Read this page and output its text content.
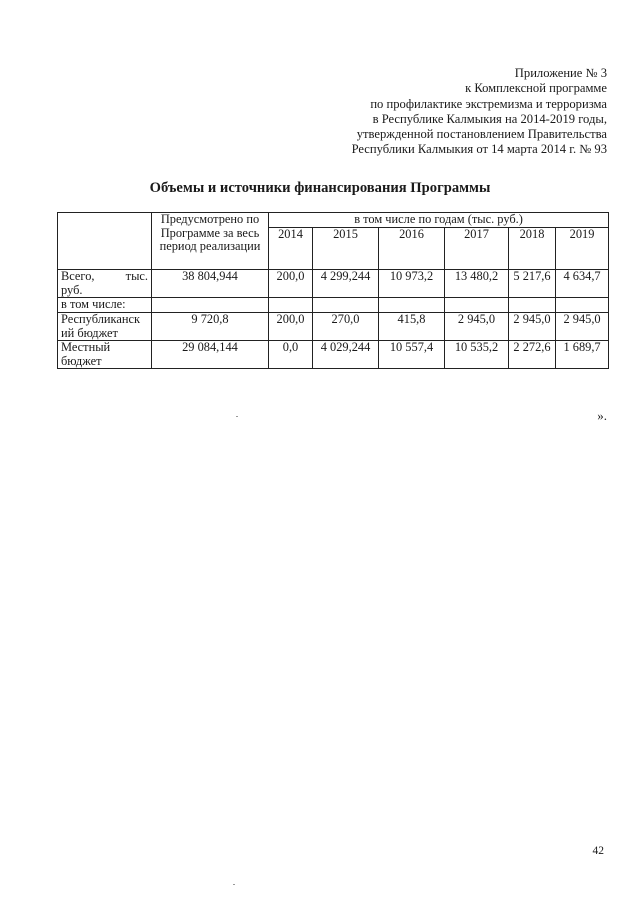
Приложение № 3
к Комплексной программе
по профилактике экстремизма и терроризма
в Республике Калмыкия на 2014-2019 годы,
утвержденной постановлением Правительства
Республики Калмыкия от 14 марта 2014 г. № 93
Объемы и источники финансирования Программы
	Предусмотрено по Программе за весь период реализации	в том числе по годам (тыс. руб.)					
		2014	2015	2016	2017	2018	2019

Всего, тыс.
руб.	38 804,944	200,0	4 299,244	10 973,2	13 480,2	5 217,6	4 634,7
в том числе:							

Республиканск
ий бюджет	9 720,8	200,0	270,0	415,8	2 945,0	2 945,0	2 945,0

Местный
бюджет	29 084,144	0,0	4 029,244	10 557,4	10 535,2	2 272,6	1 689,7
».
42
